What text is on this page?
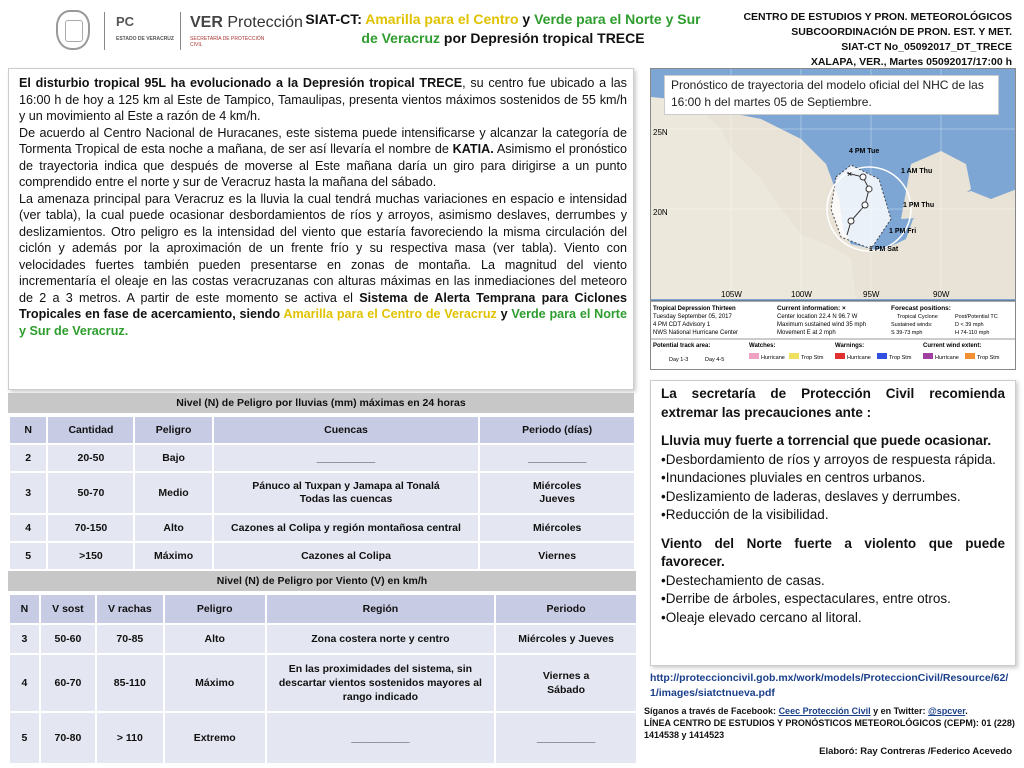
PC
ESTADO DE VERACRUZ
VER Protección
SECRETARÍA DE PROTECCIÓN CIVIL
SIAT-CT: Amarilla para el Centro y Verde para el Norte y Sur de Veracruz por Depresión tropical TRECE
CENTRO DE ESTUDIOS Y PRON. METEOROLÓGICOS
SUBCOORDINACIÓN DE PRON. EST. Y MET.
SIAT-CT No_05092017_DT_TRECE
XALAPA, VER., Martes 05092017/17:00 h

El disturbio tropical 95L ha evolucionado a la Depresión tropical TRECE, su centro fue ubicado a las 16:00 h de hoy a 125 km al Este de Tampico, Tamaulipas, presenta vientos máximos sostenidos de 55 km/h y un movimiento al Este a razón de 4 km/h.

De acuerdo al Centro Nacional de Huracanes, este sistema puede intensificarse y alcanzar la categoría de Tormenta Tropical de esta noche a mañana, de ser así llevaría el nombre de KATIA. Asimismo el pronóstico de trayectoria indica que después de moverse al Este mañana daría un giro para dirigirse a un punto comprendido entre el norte y sur de Veracruz hasta la mañana del sábado.

La amenaza principal para Veracruz es la lluvia la cual tendrá muchas variaciones en espacio e intensidad (ver tabla), la cual puede ocasionar desbordamientos de ríos y arroyos, asimismo deslaves, derrumbes y deslizamientos. Otro peligro es la intensidad del viento que estaría favoreciendo la misma circulación del ciclón y además por la aproximación de un frente frío y su respectiva masa (ver tabla). Viento con velocidades fuertes también pueden presentarse en zonas de montaña. La magnitud del viento incrementaría el oleaje en las costas veracruzanas con alturas máximas en las inmediaciones del meteoro de 2 a 3 metros. A partir de este momento se activa el Sistema de Alerta Temprana para Ciclones Tropicales en fase de acercamiento, siendo Amarilla para el Centro de Veracruz y Verde para el Norte y Sur de Veracruz.

×
25N
20N
105W	100W	95W	90W
4 PM Tue
1 AM Thu
1 PM Thu
1 PM Fri
1 PM Sat
Tropical Depression Thirteen
Tuesday September 05, 2017
4 PM CDT Advisory 1
NWS National Hurricane Center
Current information: ×
Center location 22.4 N 96.7 W
Maximum sustained wind 35 mph
Movement E at 2 mph
Forecast positions:
Tropical Cyclone	Post/Potential TC
Sustained winds:	D < 39 mph
S 39-73 mph	H 74-110 mph
Potential track area:
Day 1-3	Day 4-5
Watches:	Warnings:	Current wind extent:
Hurricane	Trop Stm	Hurricane	Trop Stm	Hurricane	Trop Stm
Pronóstico de trayectoria del modelo oficial del NHC de las 16:00 h del martes 05 de Septiembre.
Nivel (N) de Peligro por lluvias (mm) máximas en 24 horas
N	Cantidad	Peligro	Cuencas	Periodo (días)
2	20-50	Bajo	__________	__________
3	50-70	Medio	Pánuco al Tuxpan y Jamapa al Tonalá
Todas las cuencas	Miércoles
Jueves
4	70-150	Alto	Cazones al Colipa y región montañosa central	Miércoles
5	>150	Máximo	Cazones al Colipa	Viernes
Nivel (N) de Peligro por Viento (V) en km/h
N	V sost	V rachas	Peligro	Región	Periodo
3	50-60	70-85	Alto	Zona costera norte y centro	Miércoles y Jueves
4	60-70	85-110	Máximo	En las proximidades del sistema, sin descartar vientos sostenidos mayores al rango indicado	Viernes a
Sábado
5	70-80	> 110	Extremo	__________	__________
La secretaría de Protección Civil recomienda extremar las precauciones ante :
Lluvia muy fuerte a torrencial que puede ocasionar.
•Desbordamiento de ríos y arroyos de respuesta rápida.
•Inundaciones pluviales en centros urbanos.
•Deslizamiento de laderas, deslaves y derrumbes.
•Reducción de la visibilidad.
Viento del Norte fuerte a violento que puede favorecer.
•Destechamiento de casas.
•Derribe de árboles, espectaculares, entre otros.
•Oleaje elevado cercano al litoral.
http://proteccioncivil.gob.mx/work/models/ProteccionCivil/Resource/62/1/images/siatctnueva.pdf
Síganos a través de Facebook: Ceec Protección Civil y en Twitter: @spcver.
LÍNEA CENTRO DE ESTUDIOS Y PRONÓSTICOS METEOROLÓGICOS (CEPM): 01 (228) 1414538 y 1414523
Elaboró: Ray Contreras /Federico Acevedo
